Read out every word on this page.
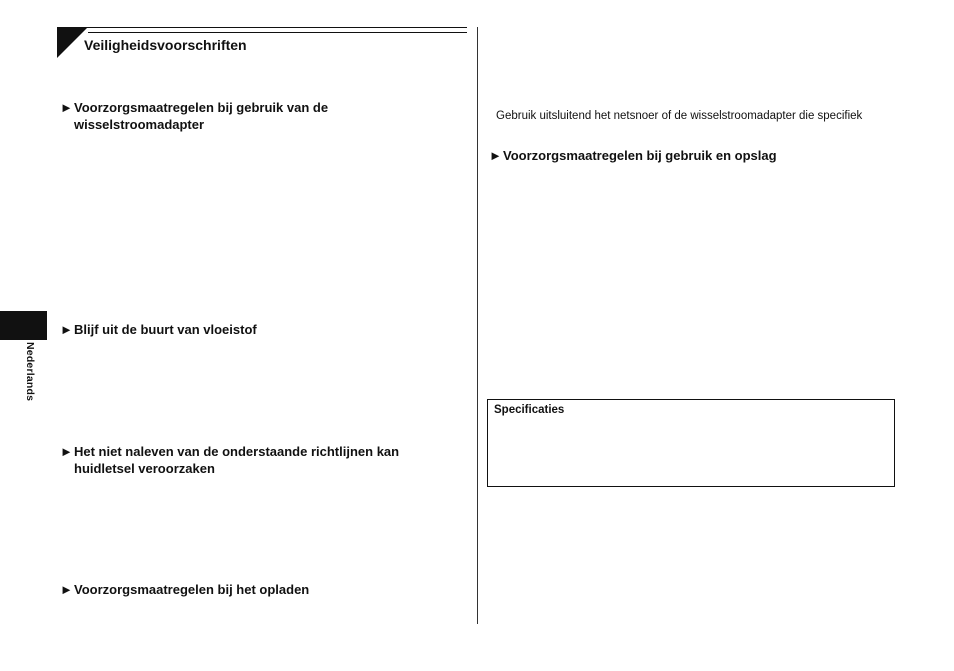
Veiligheidsvoorschriften
Nederlands
► Voorzorgsmaatregelen bij gebruik van de wisselstroomadapter
► Blijf uit de buurt van vloeistof
► Het niet naleven van de onderstaande richtlijnen kan huidletsel veroorzaken
► Voorzorgsmaatregelen bij het opladen
Gebruik uitsluitend het netsnoer of de wisselstroomadapter die specifiek
► Voorzorgsmaatregelen bij gebruik en opslag
Specificaties
